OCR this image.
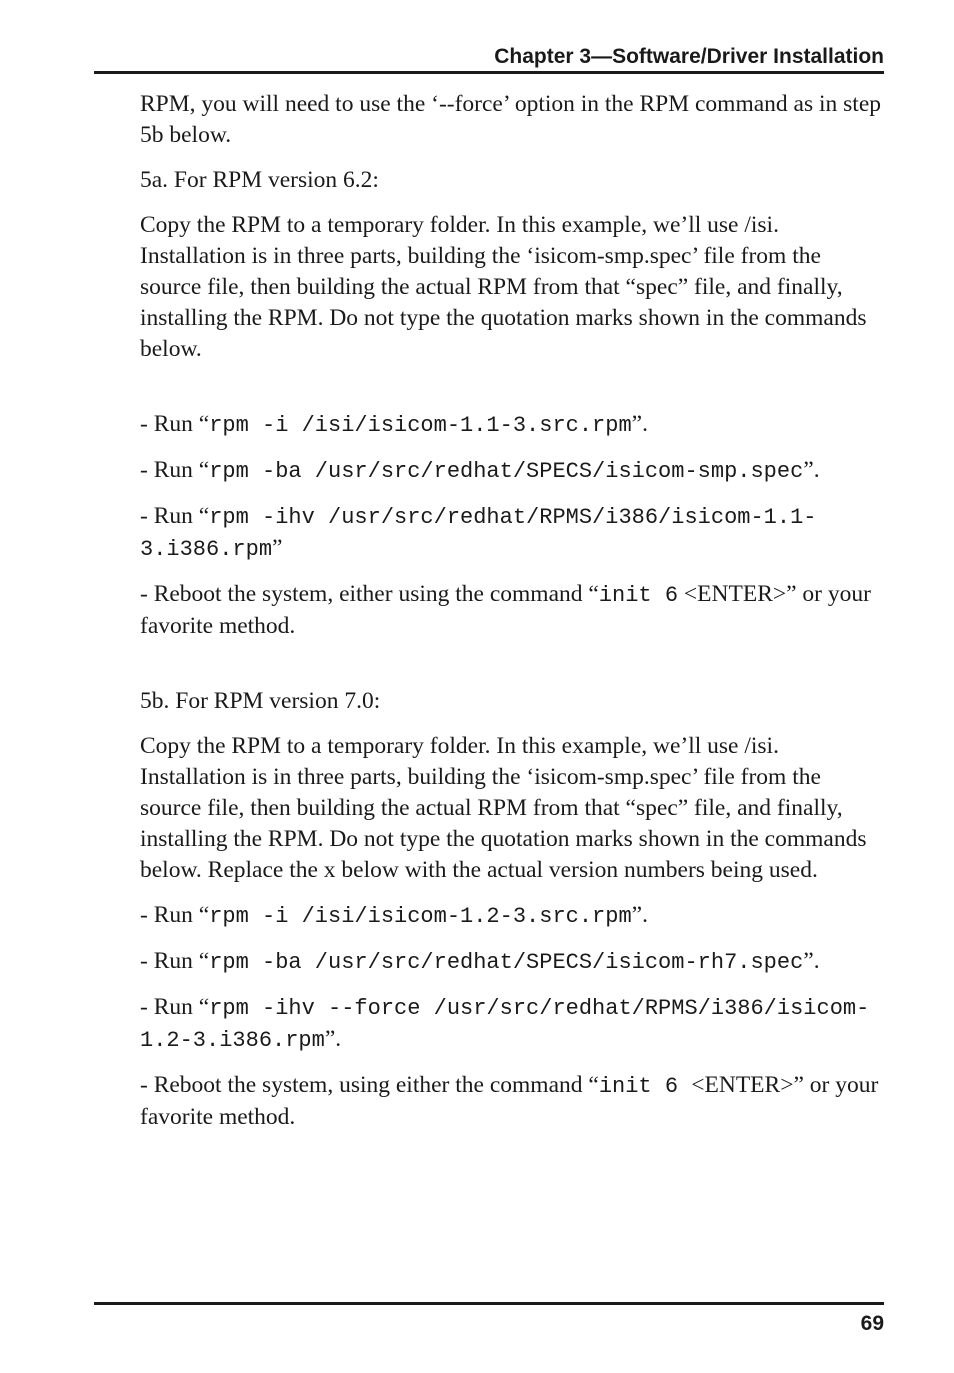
Chapter 3—Software/Driver Installation

RPM, you will need to use the ‘--force’ option in the RPM command as in step 5b below.

5a. For RPM version 6.2:

Copy the RPM to a temporary folder. In this example, we’ll use /isi. Installation is in three parts, building the ‘isicom-smp.spec’ file from the source file, then building the actual RPM from that “spec” file, and finally, installing the RPM. Do not type the quotation marks shown in the commands below.

- Run “rpm -i /isi/isicom-1.1-3.src.rpm”.

- Run “rpm -ba /usr/src/redhat/SPECS/isicom-smp.spec”.

- Run “rpm -ihv /usr/src/redhat/RPMS/i386/isicom-1.1-3.i386.rpm”

- Reboot the system, either using the command “init 6 <ENTER>” or your favorite method.

5b. For RPM version 7.0:

Copy the RPM to a temporary folder. In this example, we’ll use /isi. Installation is in three parts, building the ‘isicom-smp.spec’ file from the source file, then building the actual RPM from that “spec” file, and finally, installing the RPM. Do not type the quotation marks shown in the commands below. Replace the x below with the actual version numbers being used.

- Run “rpm -i /isi/isicom-1.2-3.src.rpm”.

- Run “rpm -ba /usr/src/redhat/SPECS/isicom-rh7.spec”.

- Run “rpm -ihv --force /usr/src/redhat/RPMS/i386/isicom-1.2-3.i386.rpm”.

- Reboot the system, using either the command “init 6 <ENTER>” or your favorite method.

69
